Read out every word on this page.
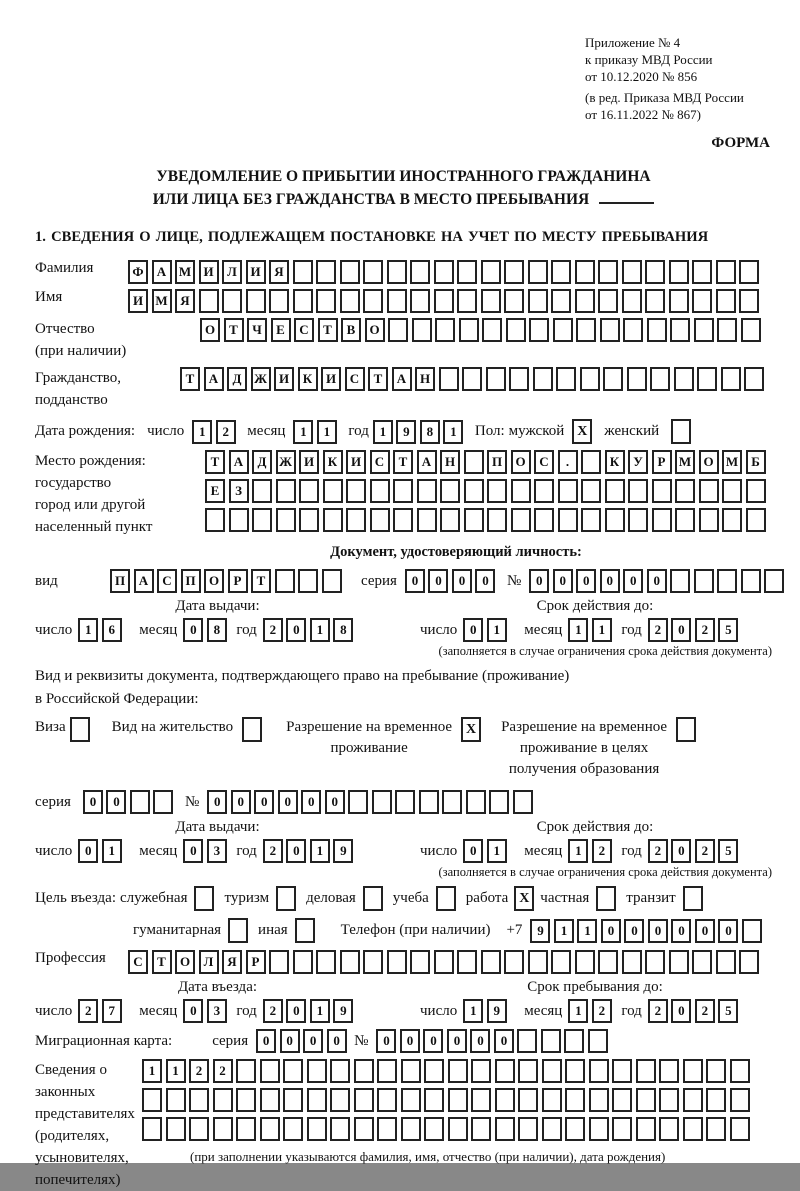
Приложение № 4
к приказу МВД России
от 10.12.2020 № 856
(в ред. Приказа МВД России
от 16.11.2022 № 867)
ФОРМА
УВЕДОМЛЕНИЕ О ПРИБЫТИИ ИНОСТРАННОГО ГРАЖДАНИНА
ИЛИ ЛИЦА БЕЗ ГРАЖДАНСТВА В МЕСТО ПРЕБЫВАНИЯ
1. СВЕДЕНИЯ О ЛИЦЕ, ПОДЛЕЖАЩЕМ ПОСТАНОВКЕ НА УЧЕТ ПО МЕСТУ ПРЕБЫВАНИЯ
Фамилия	Ф	А М И	Л	И	Я
Имя	И М Я
Отчество
(при наличии)
О	Т	Ч	Е	С	Т	В	О
Гражданство,
подданство
Т	А	Д Ж И	К	И	С	Т	А	Н
Дата рождения: число	1	2	месяц	1	1	год 1	9	8	1	Пол: мужской X	женский
Место рождения:
государство
город или другой
населенный пункт
Т	А	Д Ж И	К	И	С	Т	А	Н	П	О	С	.	К	У	Р	М О М	Б

Е	З

Документ, удостоверяющий личность:
вид	П	А	С	П	О	Р	Т	серия	0	0	0	0	№	0	0	0	0	0	0
Дата выдачи:
число 1	6	месяц 0	8	год 2	0	1	8
Срок действия до:
число 0	1	месяц 1	1	год 2	0	2	5
(заполняется в случае ограничения срока действия документа)
Вид и реквизиты документа, подтверждающего право на пребывание (проживание)
в Российской Федерации:
Виза	Вид на жительство	Разрешение на временное
проживание
X	Разрешение на временное
проживание в целях
получения образования
серия	0	0	№	0	0	0	0	0	0
Дата выдачи:
число 0	1	месяц 0	3	год 2	0	1	9
Срок действия до:
число 0	1	месяц 1	2	год 2	0	2	5
(заполняется в случае ограничения срока действия документа)
Цель въезда: служебная туризм деловая учеба работа X частная транзит
гуманитарная иная	Телефон (при наличии) +7	9	1	1	0	0	0	0	0	0
Профессия	С	Т	О	Л	Я	Р
Дата въезда:
число 2	7	месяц 0	3	год 2	0	1	9
Срок пребывания до:
число 1	9	месяц 1	2	год 2	0	2	5
Миграционная карта:	серия	0	0	0	0 №	0	0	0	0	0	0
Сведения о
законных
представителях
(родителях,
усыновителях,
попечителях)
1	1	2	2
(при заполнении указываются фамилия, имя, отчество (при наличии), дата рождения)
